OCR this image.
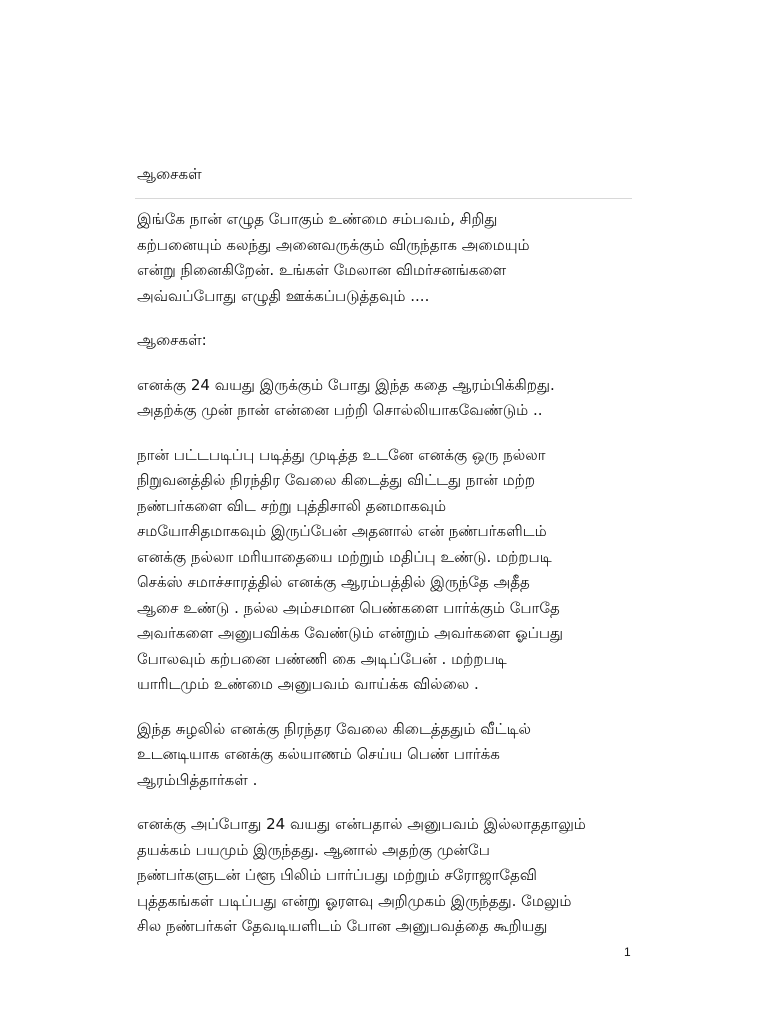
ஆசைகள்

இங்கே நான் எழுத போகும் உண்மை சம்பவம், சிறிது
கற்பனையும் கலந்து அனைவருக்கும் விருந்தாக அமையும்
என்று நினைகிறேன். உங்கள் மேலான விமர்சனங்களை
அவ்வப்போது எழுதி ஊக்கப்படுத்தவும் ....

ஆசைகள்:

எனக்கு 24 வயது இருக்கும் போது இந்த கதை ஆரம்பிக்கிறது.
அதற்க்கு முன் நான் என்னை பற்றி சொல்லியாகவேண்டும் ..

நான் பட்டபடிப்பு படித்து முடித்த உடனே எனக்கு ஒரு நல்லா
நிறுவனத்தில் நிரந்திர வேலை கிடைத்து விட்டது நான் மற்ற
நண்பர்களை விட சற்று புத்திசாலி தனமாகவும்
சமயோசிதமாகவும் இருப்பேன் அதனால் என் நண்பர்களிடம்
எனக்கு நல்லா மரியாதையை மற்றும் மதிப்பு உண்டு. மற்றபடி
செக்ஸ் சமாச்சாரத்தில் எனக்கு ஆரம்பத்தில் இருந்தே அதீத
ஆசை உண்டு . நல்ல அம்சமான பெண்களை பார்க்கும் போதே
அவர்களை அனுபவிக்க வேண்டும் என்றும் அவர்களை ஓப்பது
போலவும் கற்பனை பண்ணி கை அடிப்பேன் . மற்றபடி
யாரிடமும் உண்மை அனுபவம் வாய்க்க வில்லை .

இந்த சுழலில் எனக்கு நிரந்தர வேலை கிடைத்ததும் வீட்டில்
உடனடியாக எனக்கு கல்யாணம் செய்ய பெண் பார்க்க
ஆரம்பித்தார்கள் .

எனக்கு அப்போது 24 வயது என்பதால் அனுபவம் இல்லாததாலும்
தயக்கம் பயமும் இருந்தது. ஆனால் அதற்கு முன்பே
நண்பர்களுடன் ப்ளூ பிலிம் பார்ப்பது மற்றும் சரோஜாதேவி
புத்தகங்கள் படிப்பது என்று ஓரளவு அறிமுகம் இருந்தது. மேலும்
சில நண்பர்கள் தேவடியளிடம் போன அனுபவத்தை கூறியது

1
